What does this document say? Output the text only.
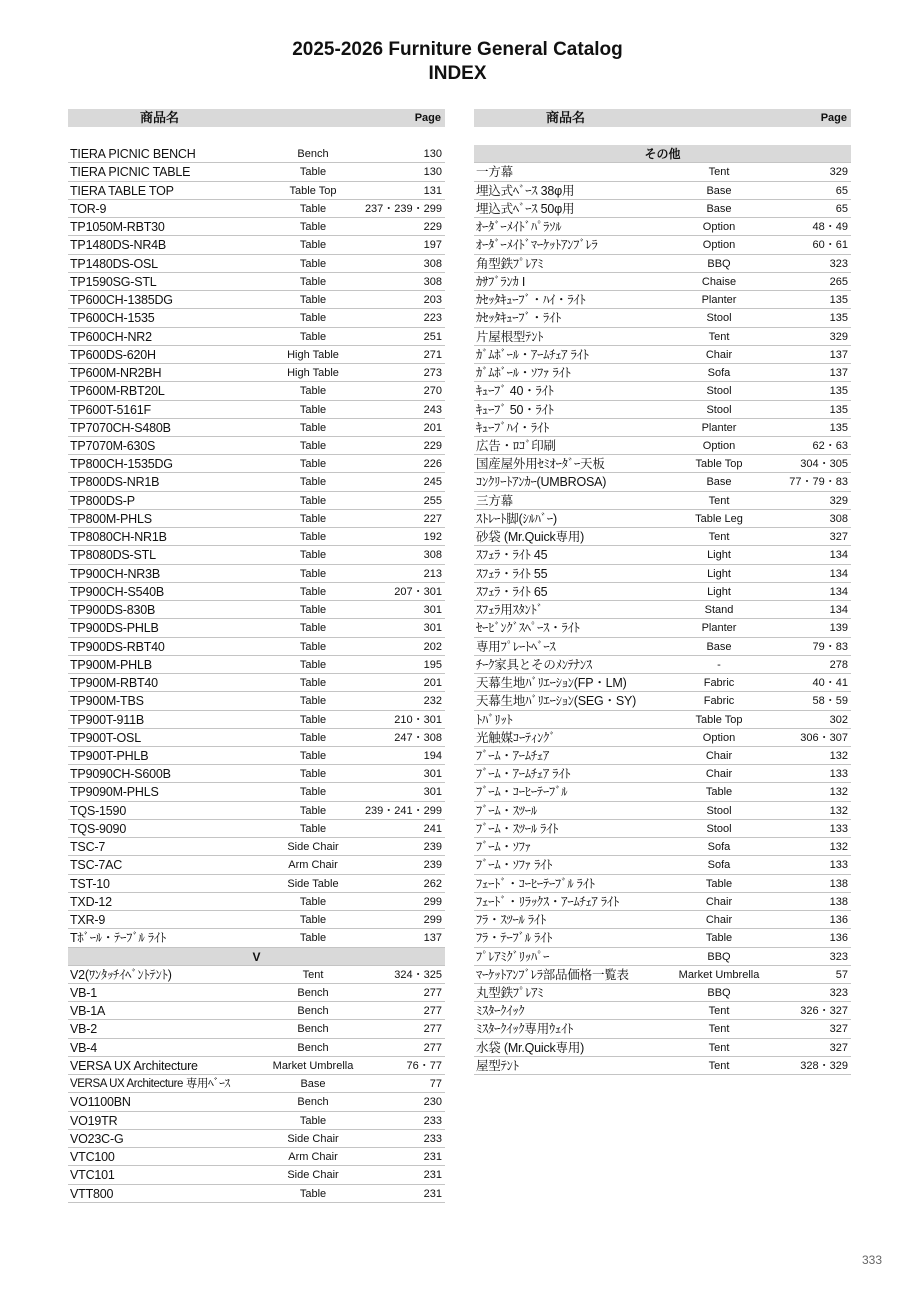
2025-2026 Furniture General Catalog
INDEX
商品名	Page
TIERA PICNIC BENCH	Bench	130
TIERA PICNIC TABLE	Table	130
TIERA TABLE TOP	Table Top	131
TOR-9	Table	237・239・299
TP1050M-RBT30	Table	229
TP1480DS-NR4B	Table	197
TP1480DS-OSL	Table	308
TP1590SG-STL	Table	308
TP600CH-1385DG	Table	203
TP600CH-1535	Table	223
TP600CH-NR2	Table	251
TP600DS-620H	High Table	271
TP600M-NR2BH	High Table	273
TP600M-RBT20L	Table	270
TP600T-5161F	Table	243
TP7070CH-S480B	Table	201
TP7070M-630S	Table	229
TP800CH-1535DG	Table	226
TP800DS-NR1B	Table	245
TP800DS-P	Table	255
TP800M-PHLS	Table	227
TP8080CH-NR1B	Table	192
TP8080DS-STL	Table	308
TP900CH-NR3B	Table	213
TP900CH-S540B	Table	207・301
TP900DS-830B	Table	301
TP900DS-PHLB	Table	301
TP900DS-RBT40	Table	202
TP900M-PHLB	Table	195
TP900M-RBT40	Table	201
TP900M-TBS	Table	232
TP900T-911B	Table	210・301
TP900T-OSL	Table	247・308
TP900T-PHLB	Table	194
TP9090CH-S600B	Table	301
TP9090M-PHLS	Table	301
TQS-1590	Table	239・241・299
TQS-9090	Table	241
TSC-7	Side Chair	239
TSC-7AC	Arm Chair	239
TST-10	Side Table	262
TXD-12	Table	299
TXR-9	Table	299
Tﾎﾞｰﾙ・ﾃｰﾌﾞﾙ ﾗｲﾄ	Table	137
V
V2(ﾜﾝﾀｯﾁｲﾍﾞﾝﾄﾃﾝﾄ)	Tent	324・325
VB-1	Bench	277
VB-1A	Bench	277
VB-2	Bench	277
VB-4	Bench	277
VERSA UX Architecture	Market Umbrella	76・77
VERSA UX Architecture 専用ﾍﾞｰｽ	Base	77
VO1100BN	Bench	230
VO19TR	Table	233
VO23C-G	Side Chair	233
VTC100	Arm Chair	231
VTC101	Side Chair	231
VTT800	Table	231
商品名	Page
その他
一方幕	Tent	329
埋込式ﾍﾞｰｽ 38φ用	Base	65
埋込式ﾍﾞｰｽ 50φ用	Base	65
ｵｰﾀﾞｰﾒｲﾄﾞﾊﾟﾗｿﾙ	Option	48・49
ｵｰﾀﾞｰﾒｲﾄﾞﾏｰｹｯﾄｱﾝﾌﾞﾚﾗ	Option	60・61
角型鉄ﾌﾟﾚｱﾐ	BBQ	323
ｶｻﾌﾞﾗﾝｶ I	Chaise	265
ｶｾｯﾀｷｭｰﾌﾞ・ﾊｲ・ﾗｲﾄ	Planter	135
ｶｾｯﾀｷｭｰﾌﾞ・ﾗｲﾄ	Stool	135
片屋根型ﾃﾝﾄ	Tent	329
ｶﾞﾑﾎﾞｰﾙ・ｱｰﾑﾁｪｱ ﾗｲﾄ	Chair	137
ｶﾞﾑﾎﾞｰﾙ・ｿﾌｧ ﾗｲﾄ	Sofa	137
ｷｭｰﾌﾞ 40・ﾗｲﾄ	Stool	135
ｷｭｰﾌﾞ 50・ﾗｲﾄ	Stool	135
ｷｭｰﾌﾞﾊｲ・ﾗｲﾄ	Planter	135
広告・ﾛｺﾞ印刷	Option	62・63
国産屋外用ｾﾐｵｰﾀﾞｰ天板	Table Top	304・305
ｺﾝｸﾘｰﾄｱﾝｶｰ(UMBROSA)	Base	77・79・83
三方幕	Tent	329
ｽﾄﾚｰﾄ脚(ｼﾙﾊﾞｰ)	Table Leg	308
砂袋 (Mr.Quick専用)	Tent	327
ｽﾌｪﾗ・ﾗｲﾄ 45	Light	134
ｽﾌｪﾗ・ﾗｲﾄ 55	Light	134
ｽﾌｪﾗ・ﾗｲﾄ 65	Light	134
ｽﾌｪﾗ用ｽﾀﾝﾄﾞ	Stand	134
ｾｰﾋﾞﾝｸﾞｽﾍﾟｰｽ・ﾗｲﾄ	Planter	139
専用ﾌﾟﾚｰﾄﾍﾞｰｽ	Base	79・83
ﾁｰｸ家具とそのﾒﾝﾃﾅﾝｽ	-	278
天幕生地ﾊﾞﾘｴｰｼｮﾝ(FP・LM)	Fabric	40・41
天幕生地ﾊﾞﾘｴｰｼｮﾝ(SEG・SY)	Fabric	58・59
ﾄﾊﾞﾘｯﾄ	Table Top	302
光触媒ｺｰﾃｨﾝｸﾞ	Option	306・307
ﾌﾞｰﾑ・ｱｰﾑﾁｪｱ	Chair	132
ﾌﾞｰﾑ・ｱｰﾑﾁｪｱ ﾗｲﾄ	Chair	133
ﾌﾞｰﾑ・ｺｰﾋｰﾃｰﾌﾞﾙ	Table	132
ﾌﾞｰﾑ・ｽﾂｰﾙ	Stool	132
ﾌﾞｰﾑ・ｽﾂｰﾙ ﾗｲﾄ	Stool	133
ﾌﾞｰﾑ・ｿﾌｧ	Sofa	132
ﾌﾞｰﾑ・ｿﾌｧ ﾗｲﾄ	Sofa	133
ﾌｪｰﾄﾞ・ｺｰﾋｰﾃｰﾌﾞﾙ ﾗｲﾄ	Table	138
ﾌｪｰﾄﾞ・ﾘﾗｯｸｽ・ｱｰﾑﾁｪｱ ﾗｲﾄ	Chair	138
ﾌﾗ・ｽﾂｰﾙ ﾗｲﾄ	Chair	136
ﾌﾗ・ﾃｰﾌﾞﾙ ﾗｲﾄ	Table	136
ﾌﾟﾚｱﾐｸﾞﾘｯﾊﾟｰ	BBQ	323
ﾏｰｹｯﾄｱﾝﾌﾞﾚﾗ部品価格一覧表	Market Umbrella	57
丸型鉄ﾌﾟﾚｱﾐ	BBQ	323
ﾐｽﾀｰｸｲｯｸ	Tent	326・327
ﾐｽﾀｰｸｲｯｸ専用ｳｪｲﾄ	Tent	327
水袋 (Mr.Quick専用)	Tent	327
屋型ﾃﾝﾄ	Tent	328・329
333
